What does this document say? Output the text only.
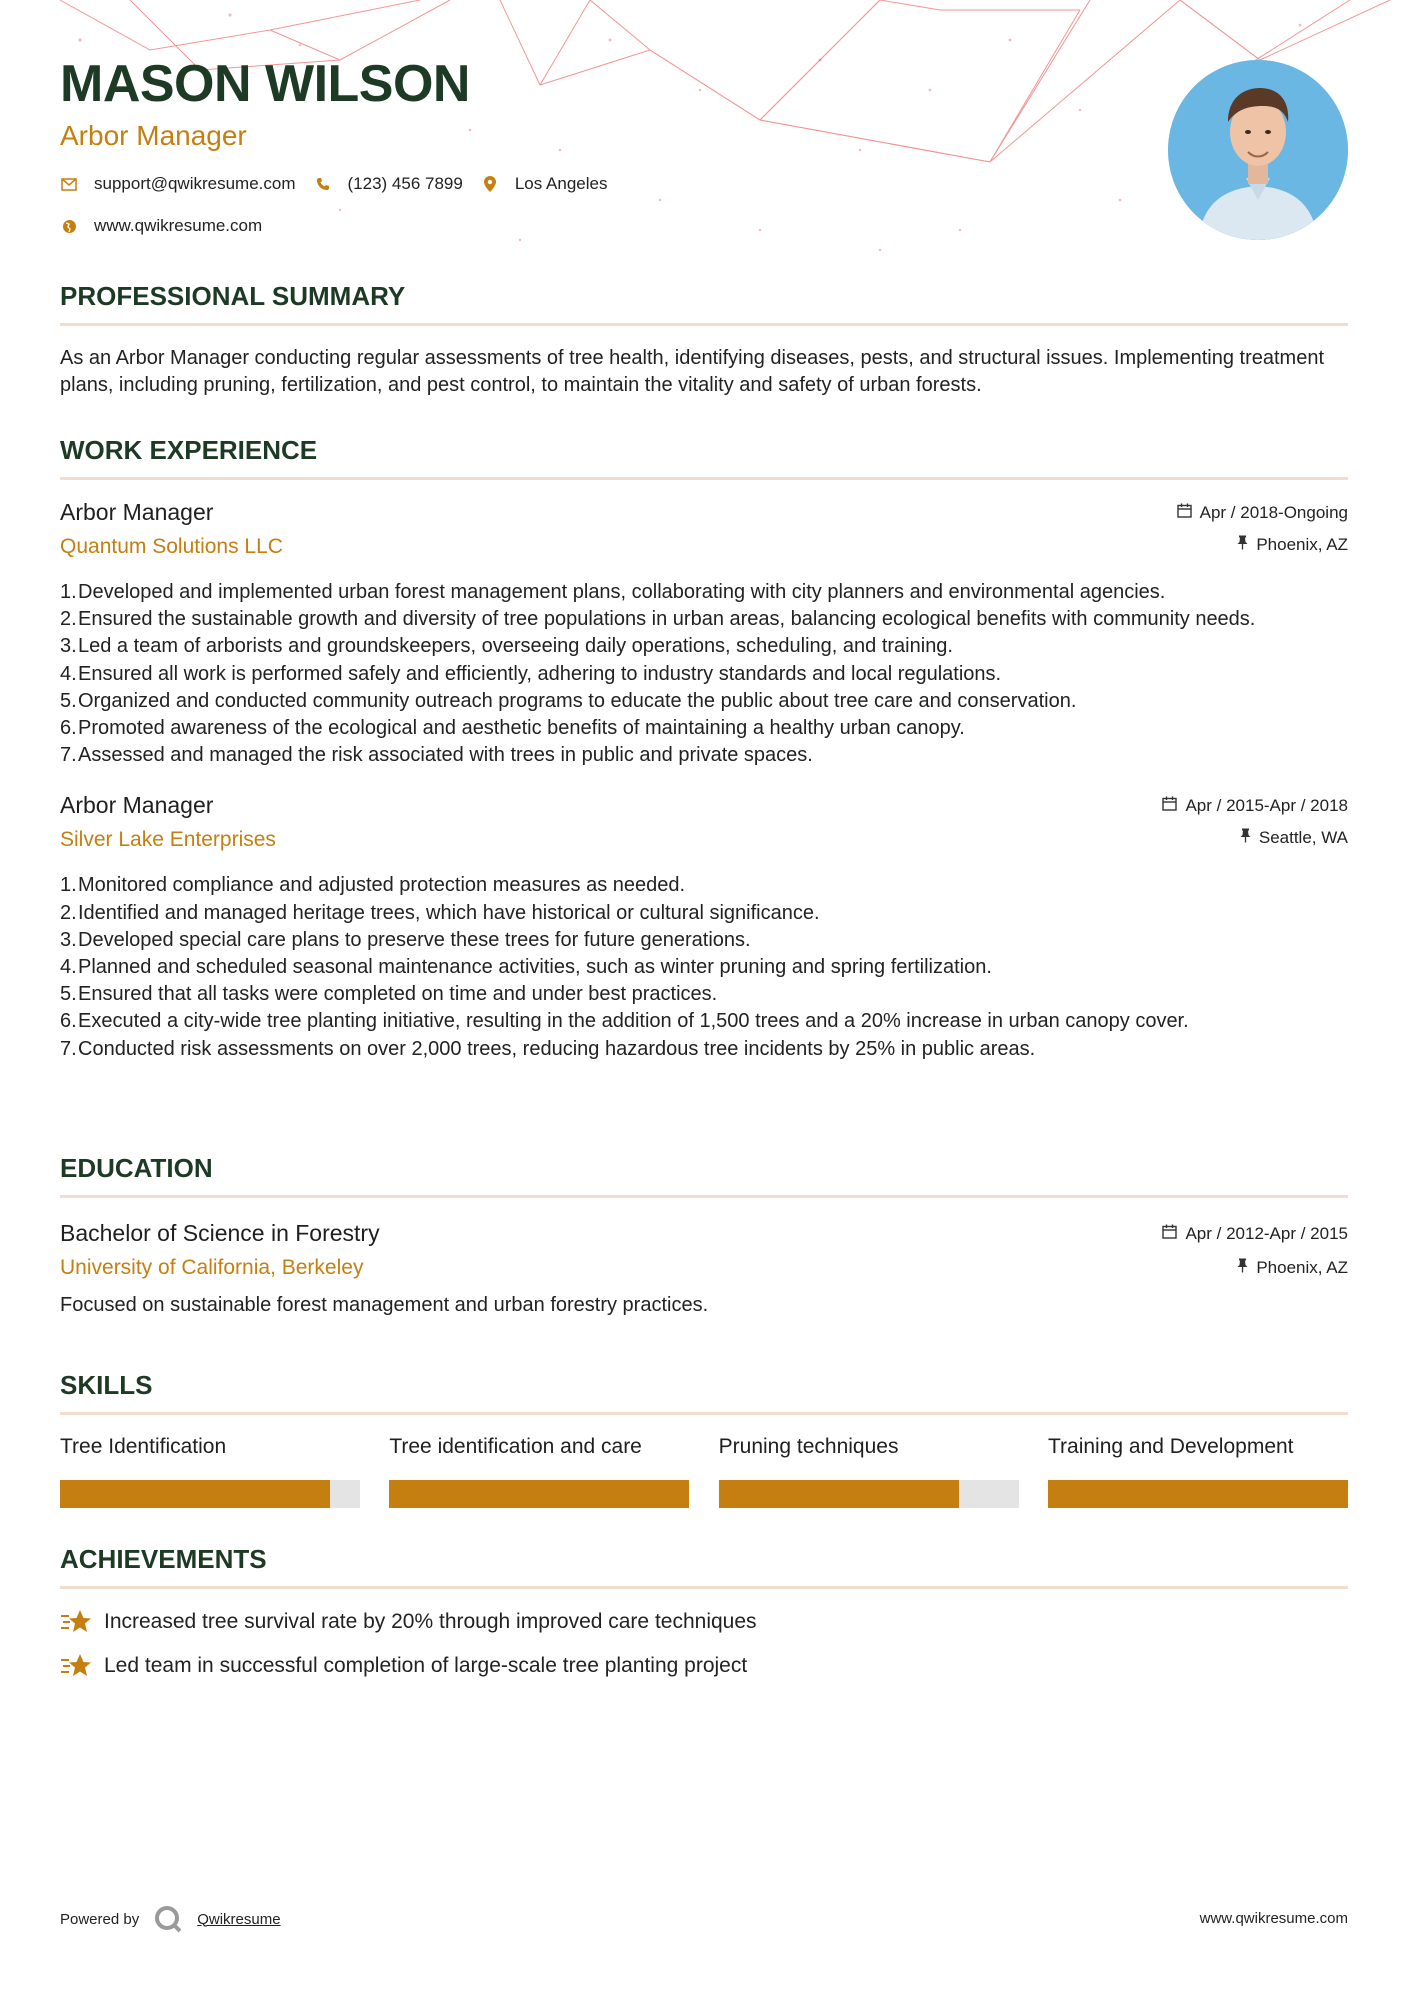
MASON WILSON
Arbor Manager
support@qwikresume.com	(123) 456 7899	Los Angeles
www.qwikresume.com
PROFESSIONAL SUMMARY
As an Arbor Manager conducting regular assessments of tree health, identifying diseases, pests, and structural issues. Implementing treatment plans, including pruning, fertilization, and pest control, to maintain the vitality and safety of urban forests.
WORK EXPERIENCE
Arbor Manager
Quantum Solutions LLC
Apr / 2018-Ongoing
Phoenix, AZ
1. Developed and implemented urban forest management plans, collaborating with city planners and environmental agencies.
2. Ensured the sustainable growth and diversity of tree populations in urban areas, balancing ecological benefits with community needs.
3. Led a team of arborists and groundskeepers, overseeing daily operations, scheduling, and training.
4. Ensured all work is performed safely and efficiently, adhering to industry standards and local regulations.
5. Organized and conducted community outreach programs to educate the public about tree care and conservation.
6. Promoted awareness of the ecological and aesthetic benefits of maintaining a healthy urban canopy.
7. Assessed and managed the risk associated with trees in public and private spaces.
Arbor Manager
Silver Lake Enterprises
Apr / 2015-Apr / 2018
Seattle, WA
1. Monitored compliance and adjusted protection measures as needed.
2. Identified and managed heritage trees, which have historical or cultural significance.
3. Developed special care plans to preserve these trees for future generations.
4. Planned and scheduled seasonal maintenance activities, such as winter pruning and spring fertilization.
5. Ensured that all tasks were completed on time and under best practices.
6. Executed a city-wide tree planting initiative, resulting in the addition of 1,500 trees and a 20% increase in urban canopy cover.
7. Conducted risk assessments on over 2,000 trees, reducing hazardous tree incidents by 25% in public areas.
EDUCATION
Bachelor of Science in Forestry
University of California, Berkeley
Apr / 2012-Apr / 2015
Phoenix, AZ
Focused on sustainable forest management and urban forestry practices.
SKILLS
Tree Identification	Tree identification and care	Pruning techniques	Training and Development
ACHIEVEMENTS
Increased tree survival rate by 20% through improved care techniques
Led team in successful completion of large-scale tree planting project
Powered by	Qwikresume	www.qwikresume.com
